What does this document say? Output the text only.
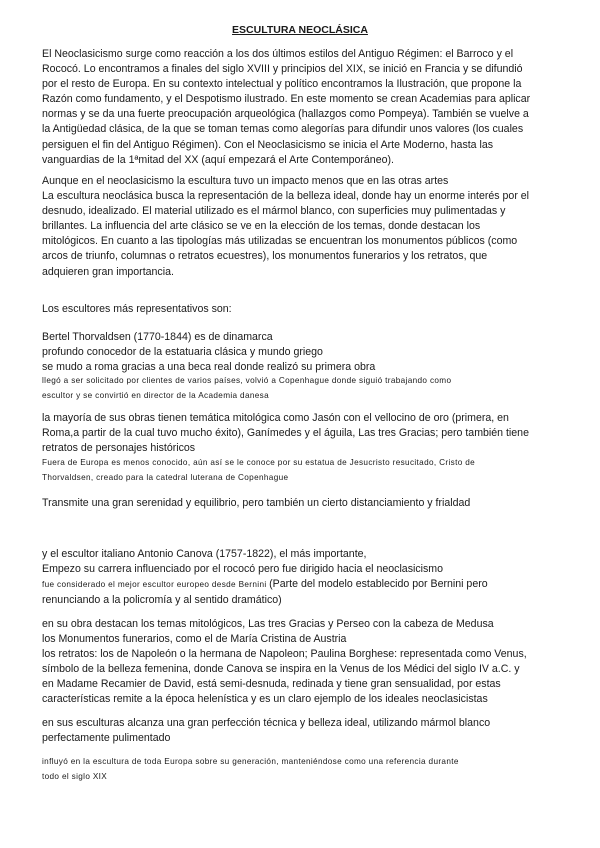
ESCULTURA NEOCLÁSICA
El Neoclasicismo surge como reacción a los dos últimos estilos del Antiguo Régimen: el Barroco y el
Rococó. Lo encontramos a finales del siglo XVIII y principios del XIX, se inició en Francia y se difundió
por el resto de Europa. En su contexto intelectual y político encontramos la Ilustración, que propone la
Razón como fundamento, y el Despotismo ilustrado. En este momento se crean Academias para aplicar
normas y se da una fuerte preocupación arqueológica (hallazgos como Pompeya). También se vuelve a
la Antigüedad clásica, de la que se toman temas como alegorías para difundir unos valores (los cuales
persiguen el fin del Antiguo Régimen). Con el Neoclasicismo se inicia el Arte Moderno, hasta las
vanguardias de la 1ªmitad del XX (aquí empezará el Arte Contemporáneo).
Aunque en el neoclasicismo la escultura tuvo un impacto menos que en las otras artes
La escultura neoclásica busca la representación de la belleza ideal, donde hay un enorme interés por el
desnudo, idealizado. El material utilizado es el mármol blanco, con superficies muy pulimentadas y
brillantes. La influencia del arte clásico se ve en la elección de los temas, donde destacan los
mitológicos. En cuanto a las tipologías más utilizadas se encuentran los monumentos públicos (como
arcos de triunfo, columnas o retratos ecuestres), los monumentos funerarios y los retratos, que
adquieren gran importancia.
Los escultores más representativos son:
Bertel Thorvaldsen (1770-1844) es de dinamarca
profundo conocedor de la estatuaria clásica y mundo griego
se mudo a roma gracias a una beca real donde realizó su primera obra
llegó a ser solicitado por clientes de varios países, volvió a Copenhague donde siguió trabajando como
escultor y se convirtió en director de la Academia danesa
la mayoría de sus obras tienen temática mitológica como Jasón con el vellocino de oro (primera, en
Roma,a partir de la cual tuvo mucho éxito), Ganímedes y el águila, Las tres Gracias; pero también tiene
retratos de personajes históricos
Fuera de Europa es menos conocido, aún así se le conoce por su estatua de Jesucristo resucitado, Cristo de
Thorvaldsen, creado para la catedral luterana de Copenhague
Transmite una gran serenidad y equilibrio, pero también un cierto distanciamiento y frialdad
y el escultor italiano Antonio Canova (1757-1822), el más importante,
Empezo su carrera influenciado por el rococó pero fue dirigido hacia el neoclasicismo
fue considerado el mejor escultor europeo desde Bernini (Parte del modelo establecido por Bernini pero
renunciando a la policromía y al sentido dramático)
en su obra destacan los temas mitológicos, Las tres Gracias y Perseo con la cabeza de Medusa
los Monumentos funerarios, como el de María Cristina de Austria
los retratos: los de Napoleón o la hermana de Napoleon; Paulina Borghese: representada como Venus,
símbolo de la belleza femenina, donde Canova se inspira en la Venus de los Médici del siglo IV a.C. y
en Madame Recamier de David, está semi-desnuda, redinada y tiene gran sensualidad, por estas
características remite a la época helenística y es un claro ejemplo de los ideales neoclasicistas
en sus esculturas alcanza una gran perfección técnica y belleza ideal, utilizando mármol blanco
perfectamente pulimentado
influyó en la escultura de toda Europa sobre su generación, manteniéndose como una referencia durante
todo el siglo XIX
